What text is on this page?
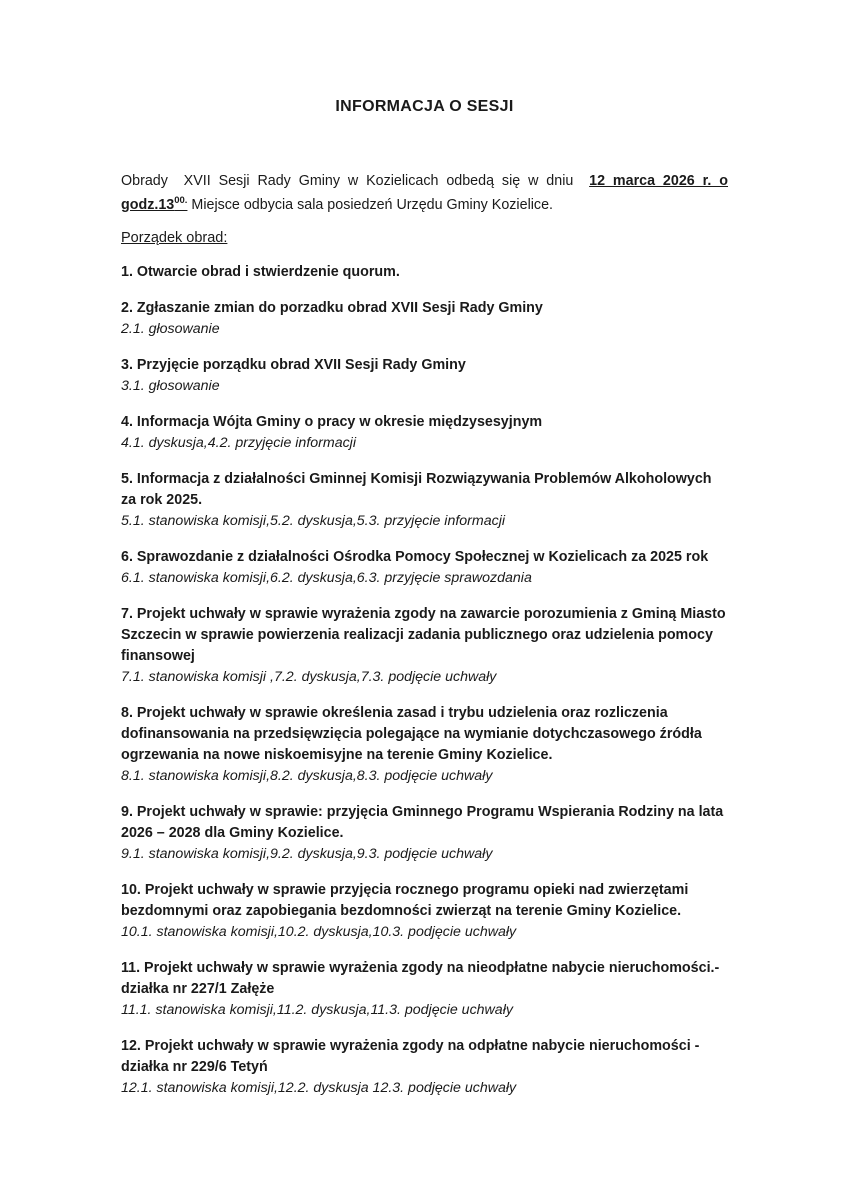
INFORMACJA O SESJI

Obrady  XVII Sesji Rady Gminy w Kozielicach odbedą się w dniu  12 marca 2026 r. o $godz.13^{00.}$ Miejsce odbycia sala posiedzeń Urzędu Gminy Kozielice.

Porządek obrad:

1. Otwarcie obrad i stwierdzenie quorum.
2. Zgłaszanie zmian do porzadku obrad XVII Sesji Rady Gminy
2.1. głosowanie
3. Przyjęcie porządku obrad XVII Sesji Rady Gminy
3.1. głosowanie
4. Informacja Wójta Gminy o pracy w okresie międzysesyjnym
4.1. dyskusja,4.2. przyjęcie informacji
5. Informacja z działalności Gminnej Komisji Rozwiązywania Problemów Alkoholowych za rok 2025.
5.1. stanowiska komisji,5.2. dyskusja,5.3. przyjęcie informacji
6. Sprawozdanie z działalności Ośrodka Pomocy Społecznej w Kozielicach za 2025 rok
6.1. stanowiska komisji,6.2. dyskusja,6.3. przyjęcie sprawozdania
7. Projekt uchwały w sprawie wyrażenia zgody na zawarcie porozumienia z Gminą Miasto Szczecin w sprawie powierzenia realizacji zadania publicznego oraz udzielenia pomocy finansowej
7.1. stanowiska komisji ,7.2. dyskusja,7.3. podjęcie uchwały
8. Projekt uchwały w sprawie określenia zasad i trybu udzielenia oraz rozliczenia dofinansowania na przedsięwzięcia polegające na wymianie dotychczasowego źródła ogrzewania na nowe niskoemisyjne na terenie Gminy Kozielice.
8.1. stanowiska komisji,8.2. dyskusja,8.3. podjęcie uchwały
9. Projekt uchwały w sprawie: przyjęcia Gminnego Programu Wspierania Rodziny na lata 2026 – 2028 dla Gminy Kozielice.
9.1. stanowiska komisji,9.2. dyskusja,9.3. podjęcie uchwały
10. Projekt uchwały w sprawie przyjęcia rocznego programu opieki nad zwierzętami bezdomnymi oraz zapobiegania bezdomności zwierząt na terenie Gminy Kozielice.
10.1. stanowiska komisji,10.2. dyskusja,10.3. podjęcie uchwały
11. Projekt uchwały w sprawie wyrażenia zgody na nieodpłatne nabycie nieruchomości.- działka nr 227/1 Załęże
11.1. stanowiska komisji,11.2. dyskusja,11.3. podjęcie uchwały
12. Projekt uchwały w sprawie wyrażenia zgody na odpłatne nabycie nieruchomości - działka nr 229/6 Tetyń
12.1. stanowiska komisji,12.2. dyskusja 12.3. podjęcie uchwały
